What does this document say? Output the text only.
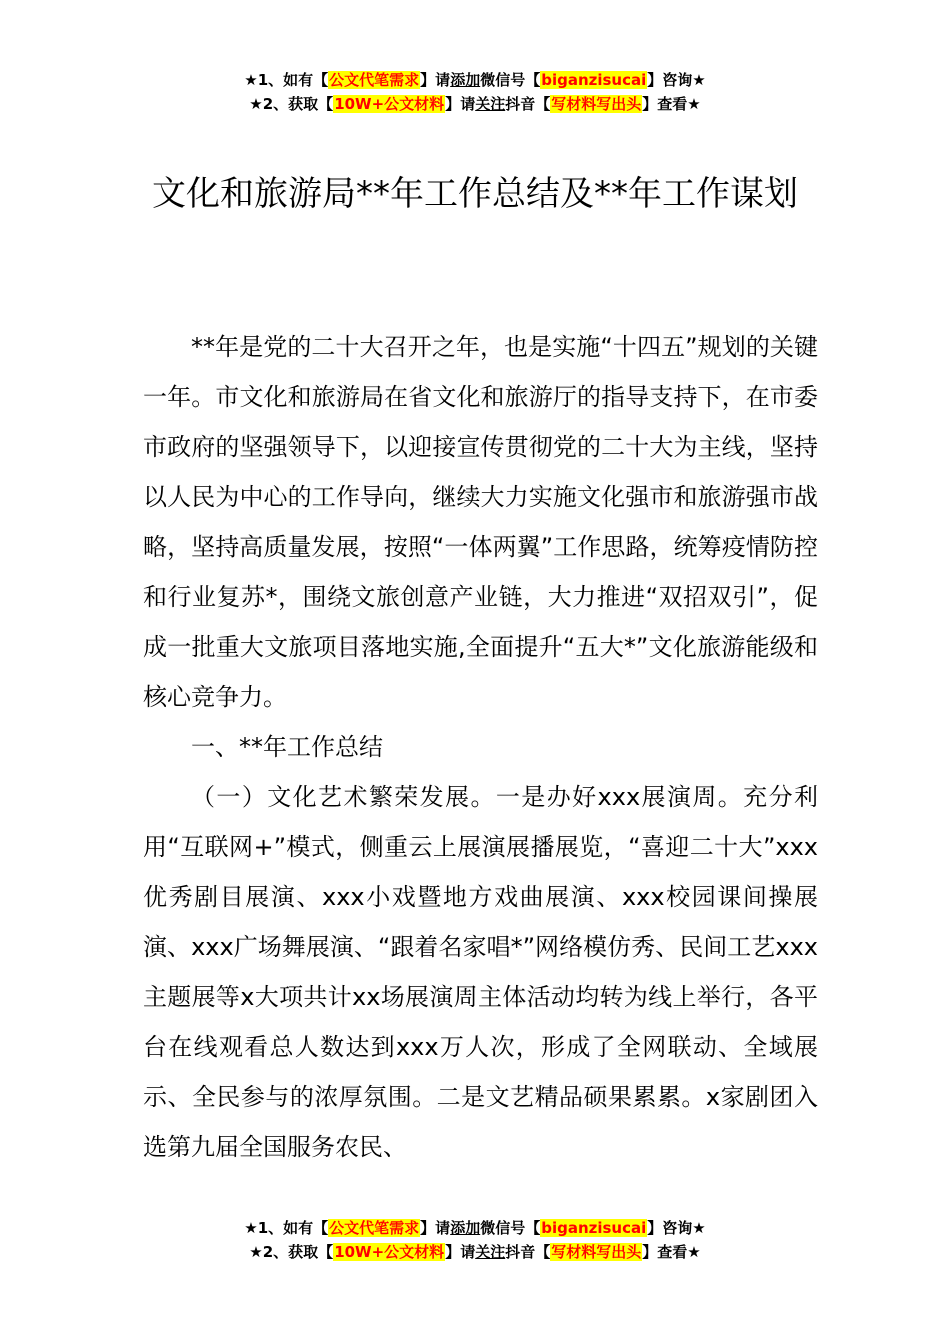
★1、如有【公文代笔需求】请添加微信号【biganzisucai】咨询★
★2、获取【10W+公文材料】请关注抖音【写材料写出头】查看★
文化和旅游局**年工作总结及**年工作谋划

**年是党的二十大召开之年，也是实施“十四五”规划的关键一年。市文化和旅游局在省文化和旅游厅的指导支持下，在市委市政府的坚强领导下，以迎接宣传贯彻党的二十大为主线，坚持以人民为中心的工作导向，继续大力实施文化强市和旅游强市战略，坚持高质量发展，按照“一体两翼”工作思路，统筹疫情防控和行业复苏*，围绕文旅创意产业链，大力推进“双招双引”，促成一批重大文旅项目落地实施,全面提升“五大*”文化旅游能级和核心竞争力。

一、**年工作总结

（一）文化艺术繁荣发展。一是办好xxx展演周。充分利用“互联网+”模式，侧重云上展演展播展览，“喜迎二十大”xxx优秀剧目展演、xxx小戏暨地方戏曲展演、xxx校园课间操展演、xxx广场舞展演、“跟着名家唱*”网络模仿秀、民间工艺xxx主题展等x大项共计xx场展演周主体活动均转为线上举行，各平台在线观看总人数达到xxx万人次，形成了全网联动、全域展示、全民参与的浓厚氛围。二是文艺精品硕果累累。x家剧团入选第九届全国服务农民、

★1、如有【公文代笔需求】请添加微信号【biganzisucai】咨询★
★2、获取【10W+公文材料】请关注抖音【写材料写出头】查看★
